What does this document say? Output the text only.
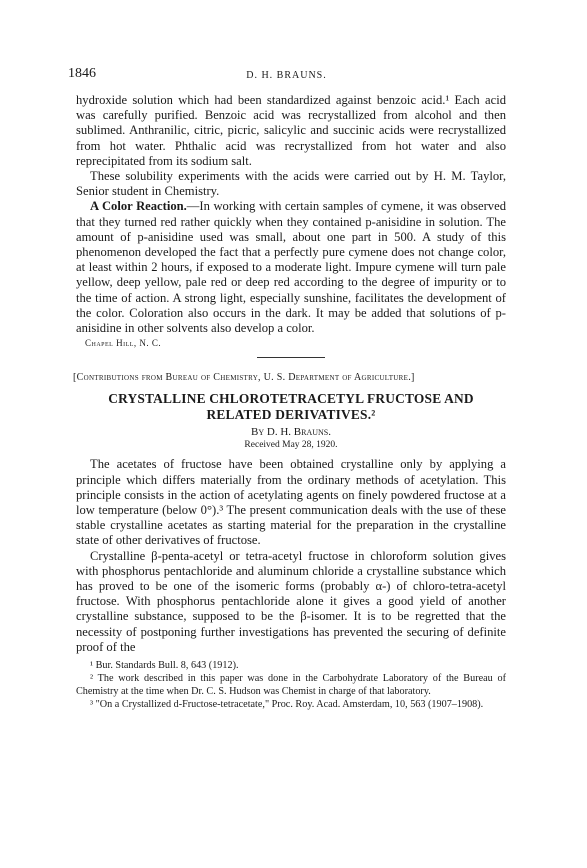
1846	D. H. BRAUNS.

hydroxide solution which had been standardized against benzoic acid.¹ Each acid was carefully purified. Benzoic acid was recrystallized from alcohol and then sublimed. Anthranilic, citric, picric, salicylic and succinic acids were recrystallized from hot water. Phthalic acid was recrystallized from hot water and also reprecipitated from its sodium salt.

These solubility experiments with the acids were carried out by H. M. Taylor, Senior student in Chemistry.

A Color Reaction.—In working with certain samples of cymene, it was observed that they turned red rather quickly when they contained p-anisidine in solution. The amount of p-anisidine used was small, about one part in 500. A study of this phenomenon developed the fact that a perfectly pure cymene does not change color, at least within 2 hours, if exposed to a moderate light. Impure cymene will turn pale yellow, deep yellow, pale red or deep red according to the degree of impurity or to the time of action. A strong light, especially sunshine, facilitates the development of the color. Coloration also occurs in the dark. It may be added that solutions of p-anisidine in other solvents also develop a color.

Chapel Hill, N. C.
[Contributions from Bureau of Chemistry, U. S. Department of Agriculture.]
CRYSTALLINE CHLOROTETRACETYL FRUCTOSE AND RELATED DERIVATIVES.²
By D. H. Brauns.
Received May 28, 1920.

The acetates of fructose have been obtained crystalline only by applying a principle which differs materially from the ordinary methods of acetylation. This principle consists in the action of acetylating agents on finely powdered fructose at a low temperature (below 0°).³ The present communication deals with the use of these stable crystalline acetates as starting material for the preparation in the crystalline state of other derivatives of fructose.

Crystalline β-penta-acetyl or tetra-acetyl fructose in chloroform solution gives with phosphorus pentachloride and aluminum chloride a crystalline substance which has proved to be one of the isomeric forms (probably α-) of chloro-tetra-acetyl fructose. With phosphorus pentachloride alone it gives a good yield of another crystalline substance, supposed to be the β-isomer. It is to be regretted that the necessity of postponing further investigations has prevented the securing of definite proof of the

¹ Bur. Standards Bull. 8, 643 (1912).

² The work described in this paper was done in the Carbohydrate Laboratory of the Bureau of Chemistry at the time when Dr. C. S. Hudson was Chemist in charge of that laboratory.

³ "On a Crystallized d-Fructose-tetracetate," Proc. Roy. Acad. Amsterdam, 10, 563 (1907–1908).
